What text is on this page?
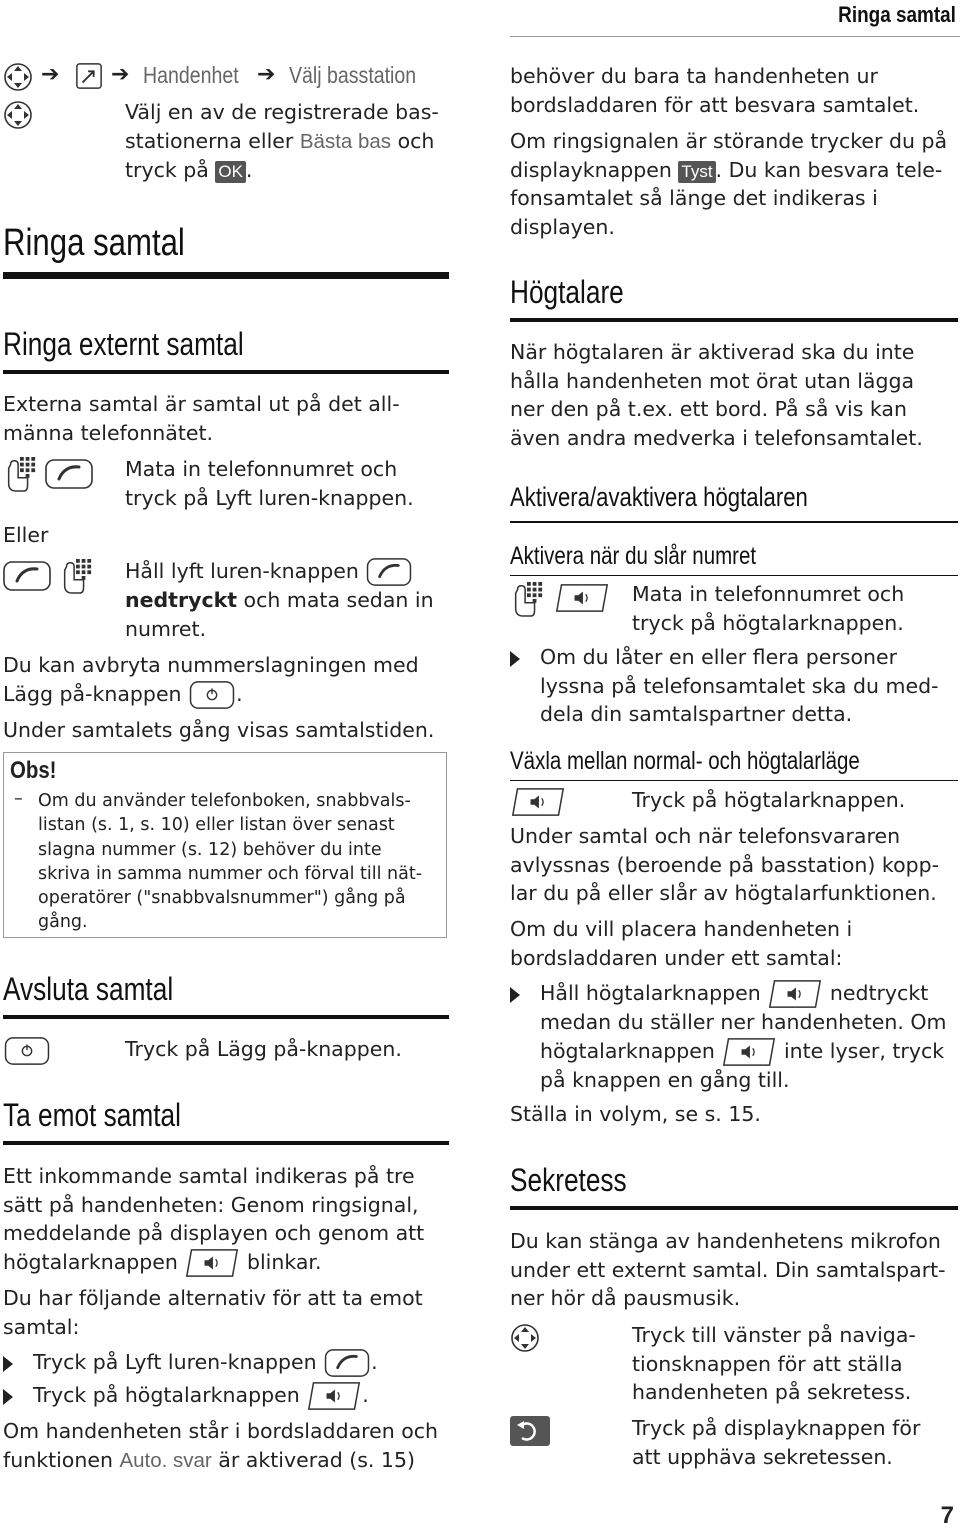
Ringa samtal
➔ ➔ Handenhet ➔ Välj basstation
Välj en av de registrerade bas-
stationerna eller Bästa bas och
tryck på OK .
Ringa samtal
Ringa externt samtal
Externa samtal är samtal ut på det all-
männa telefonnätet.
Mata in telefonnumret och
tryck på Lyft luren-knappen.
Eller
Håll lyft luren-knappen
nedtryckt och mata sedan in
numret.
Du kan avbryta nummerslagningen med
Lägg på-knappen	.
Under samtalets gång visas samtalstiden.
Obs!
– Om du använder telefonboken, snabbvals-
listan (s. 1, s. 10) eller listan över senast
slagna nummer (s. 12) behöver du inte
skriva in samma nummer och förval till nät-
operatörer ("snabbvalsnummer") gång på
gång.
Avsluta samtal
Tryck på Lägg på-knappen.
Ta emot samtal
Ett inkommande samtal indikeras på tre
sätt på handenheten: Genom ringsignal,
meddelande på displayen och genom att
högtalarknappen	blinkar.
Du har följande alternativ för att ta emot
samtal:
Tryck på Lyft luren-knappen	.
Tryck på högtalarknappen	.
Om handenheten står i bordsladdaren och
funktionen Auto. svar är aktiverad (s. 15)
behöver du bara ta handenheten ur
bordsladdaren för att besvara samtalet.
Om ringsignalen är störande trycker du på
displayknappen Tyst . Du kan besvara tele-
fonsamtalet så länge det indikeras i
displayen.
Högtalare
När högtalaren är aktiverad ska du inte
hålla handenheten mot örat utan lägga
ner den på t.ex. ett bord. På så vis kan
även andra medverka i telefonsamtalet.
Aktivera/avaktivera högtalaren
Aktivera när du slår numret
Mata in telefonnumret och
tryck på högtalarknappen.
Om du låter en eller flera personer
lyssna på telefonsamtalet ska du med-
dela din samtalspartner detta.
Växla mellan normal- och högtalarläge
Tryck på högtalarknappen.
Under samtal och när telefonsvararen
avlyssnas (beroende på basstation) kopp-
lar du på eller slår av högtalarfunktionen.
Om du vill placera handenheten i
bordsladdaren under ett samtal:
Håll högtalarknappen	nedtryckt
medan du ställer ner handenheten. Om
högtalarknappen	inte lyser, tryck
på knappen en gång till.
Ställa in volym, se s. 15.
Sekretess
Du kan stänga av handenhetens mikrofon
under ett externt samtal. Din samtalspart-
ner hör då pausmusik.
Tryck till vänster på naviga-
tionsknappen för att ställa
handenheten på sekretess.
Tryck på displayknappen för
att upphäva sekretessen.
7
